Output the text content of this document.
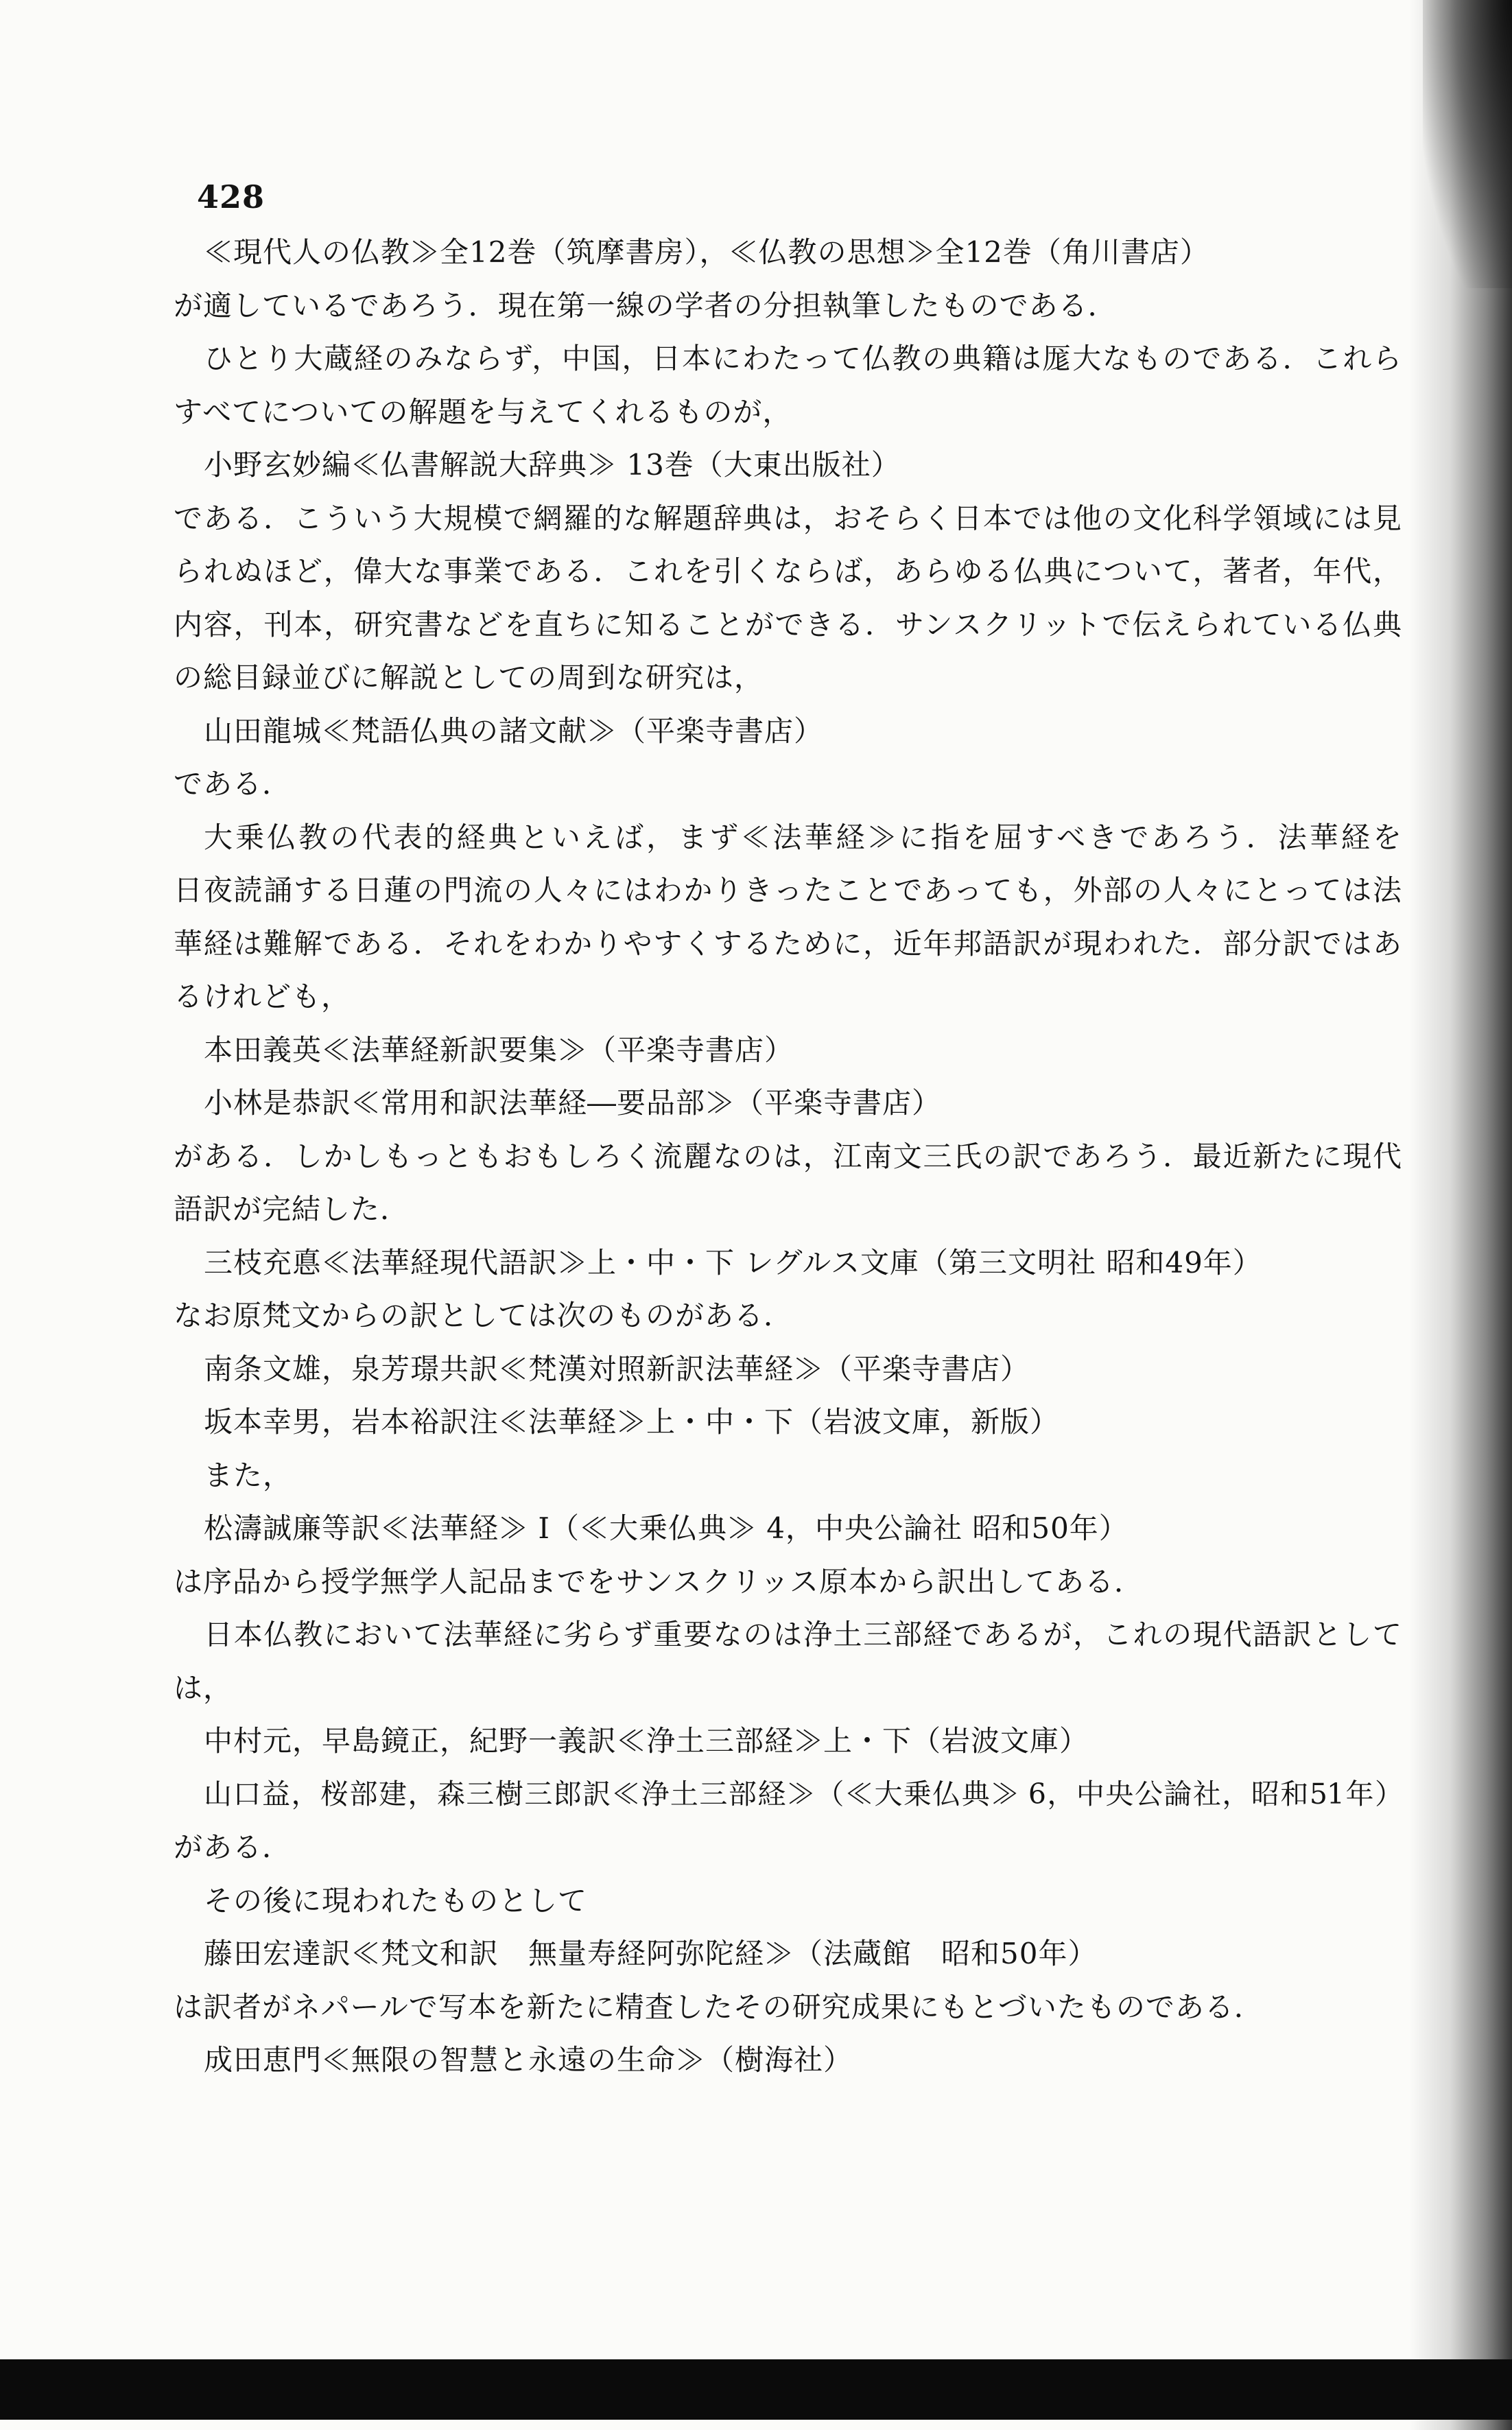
428
≪現代人の仏教≫全12巻（筑摩書房），≪仏教の思想≫全12巻（角川書店）
が適しているであろう．現在第一線の学者の分担執筆したものである．
ひとり大蔵経のみならず，中国，日本にわたって仏教の典籍は厖大なものである．これら
すべてについての解題を与えてくれるものが，
小野玄妙編≪仏書解説大辞典≫ 13巻（大東出版社）
である．こういう大規模で網羅的な解題辞典は，おそらく日本では他の文化科学領域には見
られぬほど，偉大な事業である．これを引くならば，あらゆる仏典について，著者，年代，
内容，刊本，研究書などを直ちに知ることができる．サンスクリットで伝えられている仏典
の総目録並びに解説としての周到な研究は，
山田龍城≪梵語仏典の諸文献≫（平楽寺書店）
である．
大乗仏教の代表的経典といえば，まず≪法華経≫に指を屈すべきであろう．法華経を
日夜読誦する日蓮の門流の人々にはわかりきったことであっても，外部の人々にとっては法
華経は難解である．それをわかりやすくするために，近年邦語訳が現われた．部分訳ではあ
るけれども，
本田義英≪法華経新訳要集≫（平楽寺書店）
小林是恭訳≪常用和訳法華経―要品部≫（平楽寺書店）
がある．しかしもっともおもしろく流麗なのは，江南文三氏の訳であろう．最近新たに現代
語訳が完結した．
三枝充悳≪法華経現代語訳≫上・中・下 レグルス文庫（第三文明社 昭和49年）
なお原梵文からの訳としては次のものがある．
南条文雄，泉芳璟共訳≪梵漢対照新訳法華経≫（平楽寺書店）
坂本幸男，岩本裕訳注≪法華経≫上・中・下（岩波文庫，新版）
また，
松濤誠廉等訳≪法華経≫ I（≪大乗仏典≫ 4，中央公論社 昭和50年）
は序品から授学無学人記品までをサンスクリッス原本から訳出してある．
日本仏教において法華経に劣らず重要なのは浄土三部経であるが，これの現代語訳として
は，
中村元，早島鏡正，紀野一義訳≪浄土三部経≫上・下（岩波文庫）
山口益，桜部建，森三樹三郎訳≪浄土三部経≫（≪大乗仏典≫ 6，中央公論社，昭和51年）
がある．
その後に現われたものとして
藤田宏達訳≪梵文和訳　無量寿経阿弥陀経≫（法蔵館　昭和50年）
は訳者がネパールで写本を新たに精査したその研究成果にもとづいたものである．
成田恵門≪無限の智慧と永遠の生命≫（樹海社）
